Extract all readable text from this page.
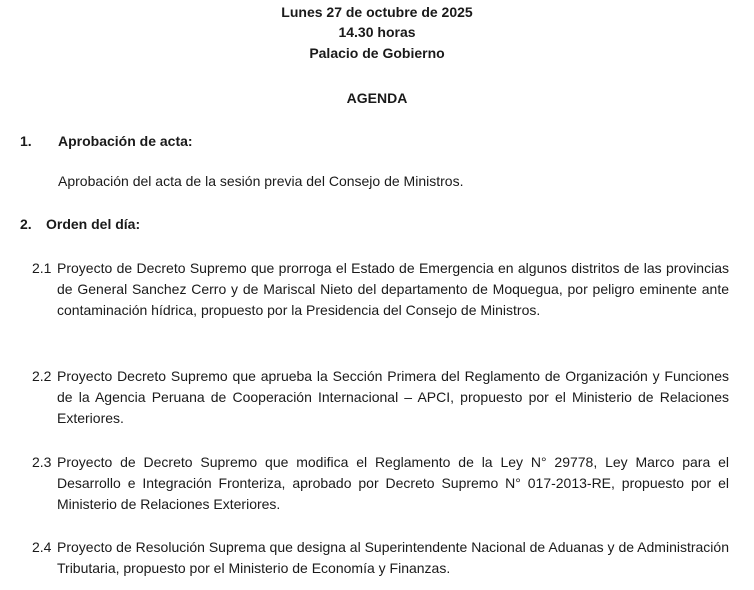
Lunes 27 de octubre de 2025
14.30 horas
Palacio de Gobierno
AGENDA
1. Aprobación de acta:
Aprobación del acta de la sesión previa del Consejo de Ministros.
2. Orden del día:
2.1 Proyecto de Decreto Supremo que prorroga el Estado de Emergencia en algunos distritos de las provincias de General Sanchez Cerro y de Mariscal Nieto del departamento de Moquegua, por peligro eminente ante contaminación hídrica, propuesto por la Presidencia del Consejo de Ministros.
2.2 Proyecto Decreto Supremo que aprueba la Sección Primera del Reglamento de Organización y Funciones de la Agencia Peruana de Cooperación Internacional – APCI, propuesto por el Ministerio de Relaciones Exteriores.
2.3 Proyecto de Decreto Supremo que modifica el Reglamento de la Ley N° 29778, Ley Marco para el Desarrollo e Integración Fronteriza, aprobado por Decreto Supremo N° 017-2013-RE, propuesto por el Ministerio de Relaciones Exteriores.
2.4 Proyecto de Resolución Suprema que designa al Superintendente Nacional de Aduanas y de Administración Tributaria, propuesto por el Ministerio de Economía y Finanzas.
